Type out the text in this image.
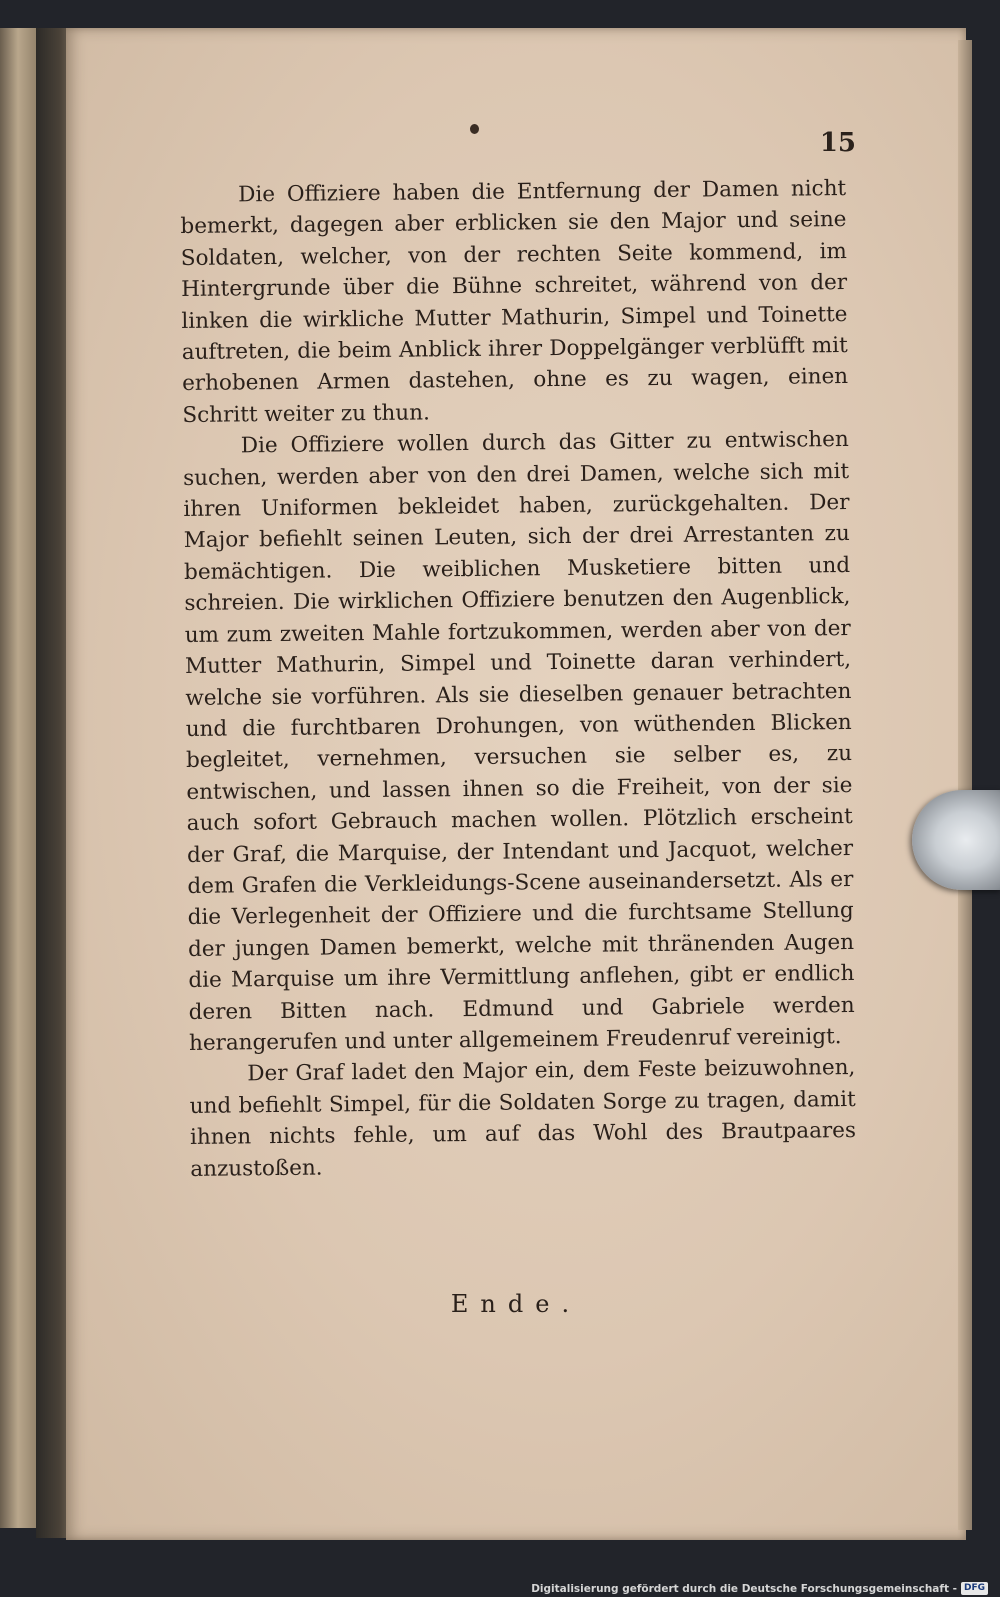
15

Die Offiziere haben die Entfernung der Damen nicht bemerkt, dagegen aber erblicken sie den Major und seine Soldaten, welcher, von der rechten Seite kommend, im Hintergrunde über die Bühne schreitet, während von der linken die wirkliche Mutter Mathurin, Simpel und Toinette auftreten, die beim Anblick ihrer Doppelgänger verblüfft mit erhobenen Armen dastehen, ohne es zu wagen, einen Schritt weiter zu thun.

Die Offiziere wollen durch das Gitter zu entwischen suchen, werden aber von den drei Damen, welche sich mit ihren Uniformen bekleidet haben, zurückgehalten. Der Major befiehlt seinen Leuten, sich der drei Arrestanten zu bemächtigen. Die weiblichen Musketiere bitten und schreien. Die wirklichen Offiziere benutzen den Augenblick, um zum zweiten Mahle fortzukommen, werden aber von der Mutter Mathurin, Simpel und Toinette daran verhindert, welche sie vorführen. Als sie dieselben genauer betrachten und die furchtbaren Drohungen, von wüthenden Blicken begleitet, vernehmen, versuchen sie selber es, zu entwischen, und lassen ihnen so die Freiheit, von der sie auch sofort Gebrauch machen wollen. Plötzlich erscheint der Graf, die Marquise, der Intendant und Jacquot, welcher dem Grafen die Verkleidungs-Scene auseinandersetzt. Als er die Verlegenheit der Offiziere und die furchtsame Stellung der jungen Damen bemerkt, welche mit thränenden Augen die Marquise um ihre Vermittlung anflehen, gibt er endlich deren Bitten nach. Edmund und Gabriele werden herangerufen und unter allgemeinem Freudenruf vereinigt.

Der Graf ladet den Major ein, dem Feste beizuwohnen, und befiehlt Simpel, für die Soldaten Sorge zu tragen, damit ihnen nichts fehle, um auf das Wohl des Brautpaares anzustoßen.

Ende.
Digitalisierung gefördert durch die Deutsche Forschungsgemeinschaft - DFG
